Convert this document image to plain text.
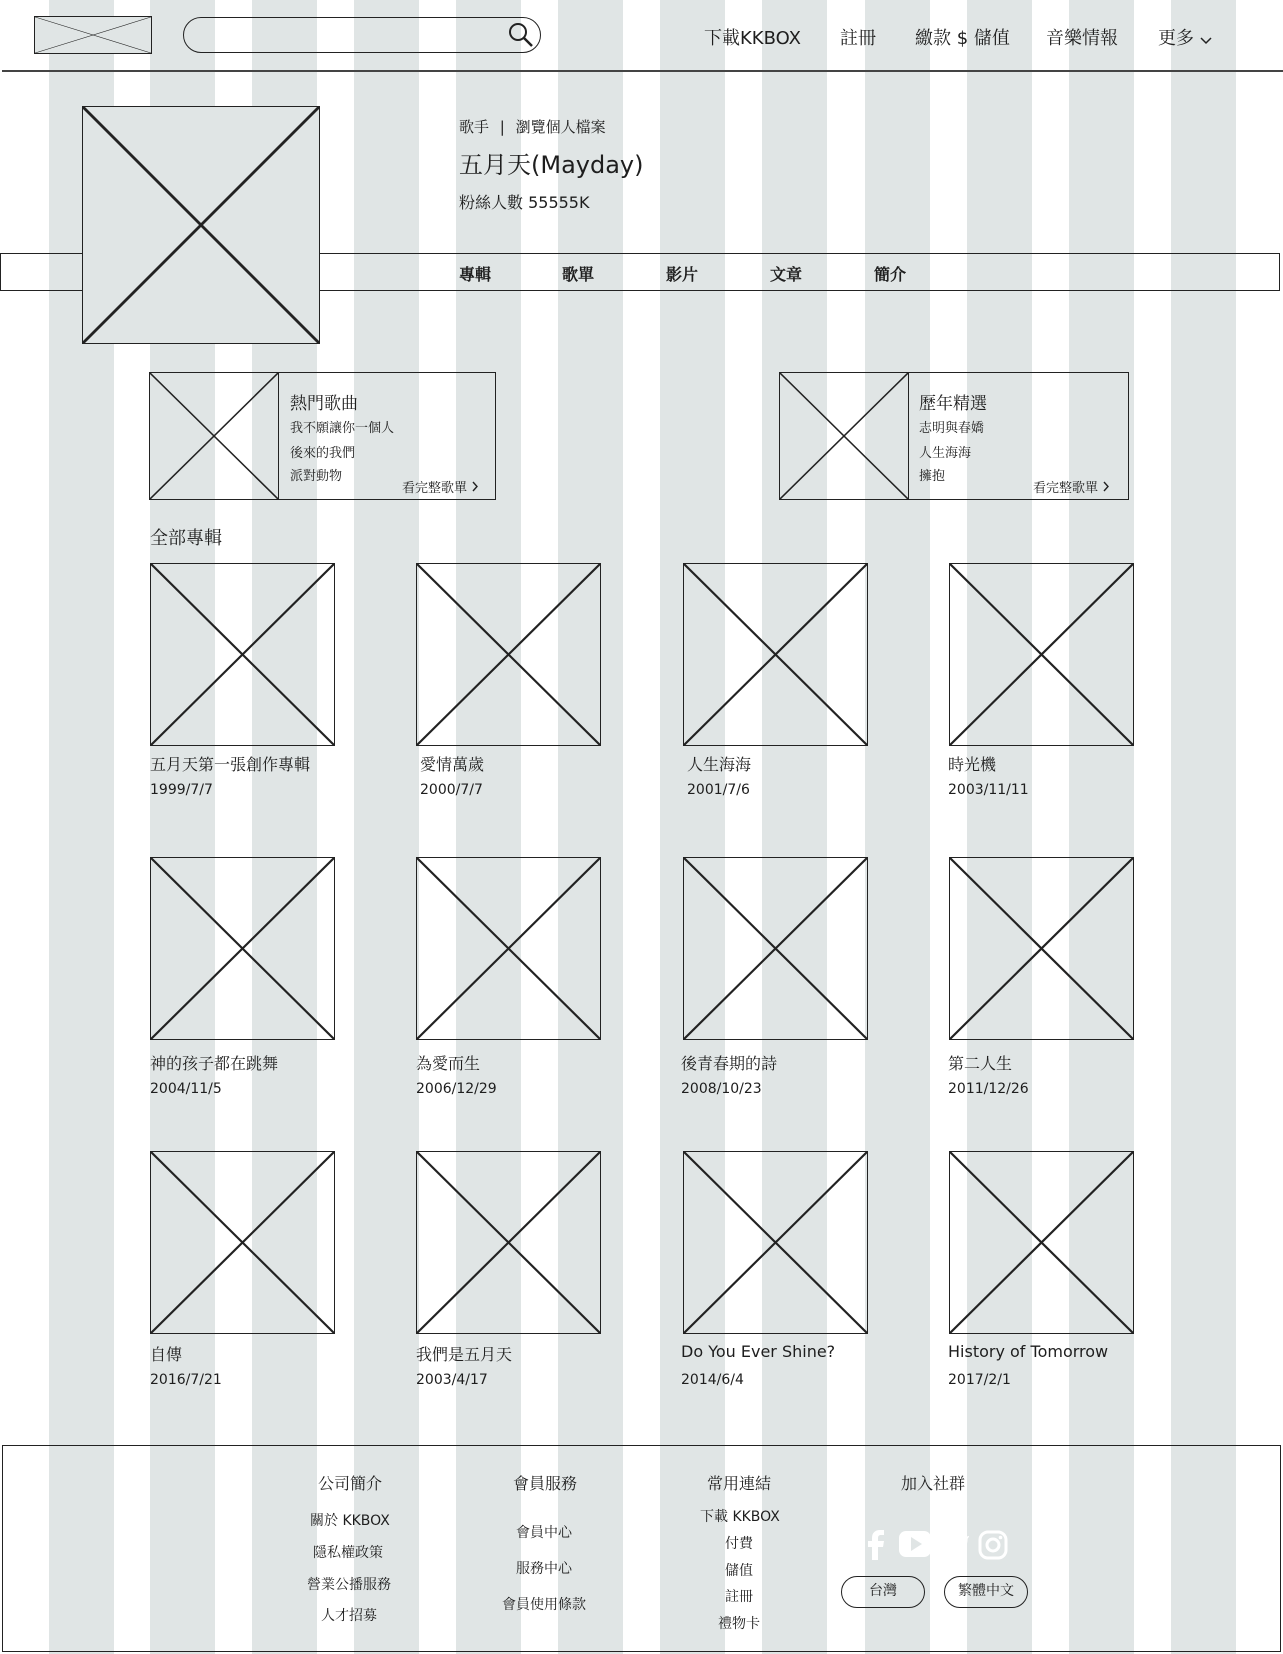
下載KKBOX 註冊 繳款 $ 儲值 音樂情報 更多
歌手 | 瀏覽個人檔案
五月天(Mayday)
粉絲人數 55555K
專輯	歌單	影片	文章	簡介
熱門歌曲
我不願讓你一個人
後來的我們
派對動物
看完整歌單
歷年精選
志明與春嬌
人生海海
擁抱
看完整歌單
全部專輯
五月天第一張創作專輯
1999/7/7
愛情萬歲
2000/7/7
人生海海
2001/7/6
時光機
2003/11/11
神的孩子都在跳舞
2004/11/5
為愛而生
2006/12/29
後青春期的詩
2008/10/23
第二人生
2011/12/26
自傳
2016/7/21
我們是五月天
2003/4/17
Do You Ever Shine?
2014/6/4
History of Tomorrow
2017/2/1
公司簡介
關於 KKBOX
隱私權政策
營業公播服務
人才招募
會員服務
會員中心
服務中心
會員使用條款
常用連結
下載 KKBOX
付費
儲值
註冊
禮物卡
加入社群
台灣	繁體中文
